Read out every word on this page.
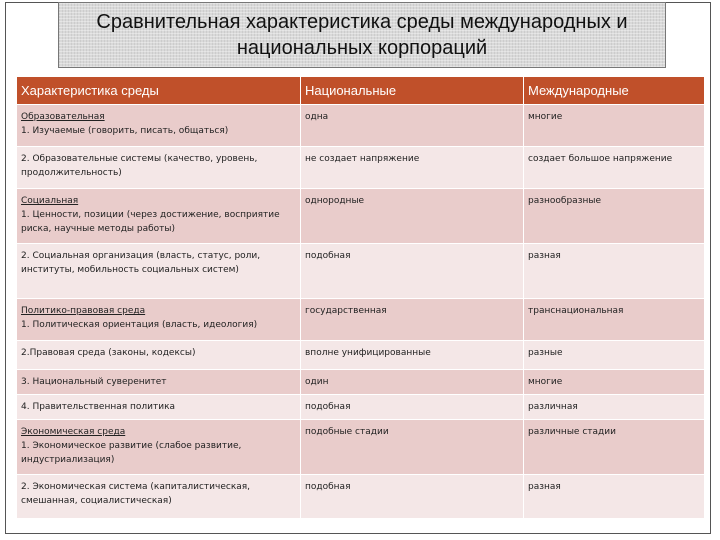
Сравнительная характеристика среды международных и национальных корпораций
Характеристика среды	Национальные	Международные

Образовательная
1. Изучаемые (говорить, писать, общаться)	одна	многие
2. Образовательные системы (качество, уровень, продолжительность)	не создает напряжение	создает большое напряжение

Социальная
1. Ценности, позиции (через достижение, восприятие риска, научные методы работы)	однородные	разнообразные
2. Социальная организация (власть, статус, роли, институты, мобильность социальных систем)	подобная	разная

Политико-правовая среда
1. Политическая ориентация (власть, идеология)	государственная	транснациональная
2.Правовая среда (законы, кодексы)	вполне унифицированные	разные
3. Национальный суверенитет	один	многие
4. Правительственная политика	подобная	различная

Экономическая среда
1. Экономическое развитие (слабое развитие, индустриализация)	подобные стадии	различные стадии
2. Экономическая система (капиталистическая, смешанная, социалистическая)	подобная	разная
